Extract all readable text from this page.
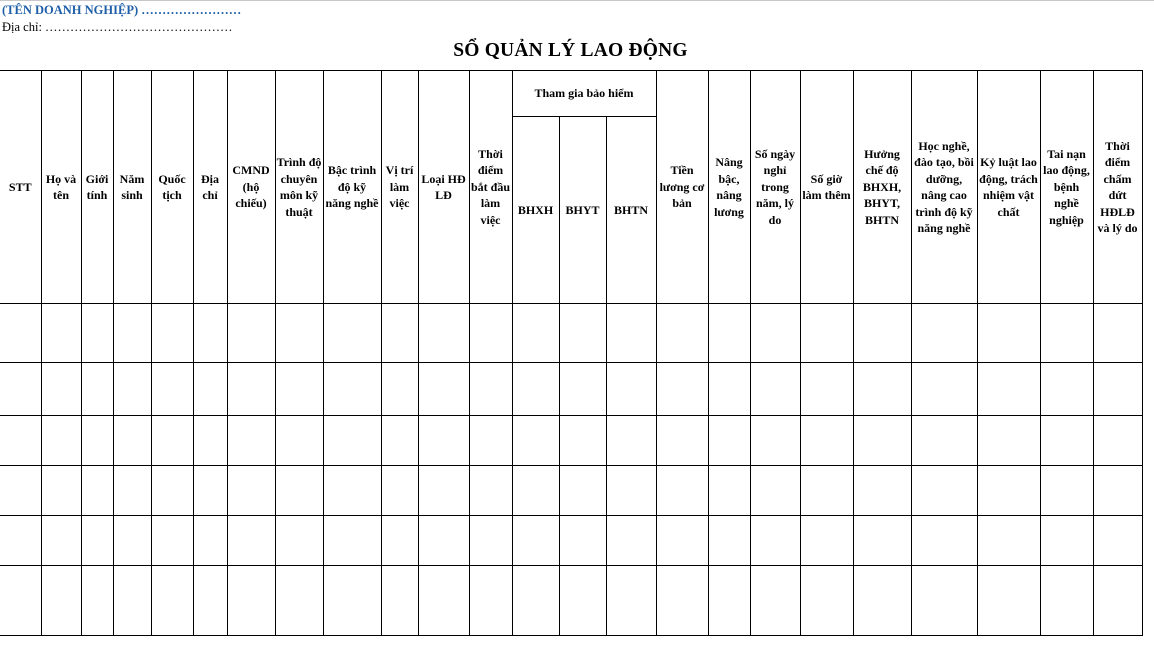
(TÊN DOANH NGHIỆP) ……………………
Địa chỉ: ………………………………………
SỔ QUẢN LÝ LAO ĐỘNG
STT	Họ và tên	Giới tính	Năm sinh	Quốc tịch	Địa chỉ	CMND (hộ chiếu)	Trình độ chuyên môn kỹ thuật	Bậc trình độ kỹ năng nghề	Vị trí làm việc	Loại HĐ LĐ	Thời điểm bắt đầu làm việc	Tham gia bảo hiểm			Tiền lương cơ bản	Nâng bậc, nâng lương	Số ngày nghỉ trong năm, lý do	Số giờ làm thêm	Hưởng chế độ BHXH, BHYT, BHTN	Học nghề, đào tạo, bồi dưỡng, nâng cao trình độ kỹ năng nghề	Kỷ luật lao động, trách nhiệm vật chất	Tai nạn lao động, bệnh nghề nghiệp	Thời điểm chấm dứt HĐLĐ và lý do
												BHXH	BHYT	BHTN									
